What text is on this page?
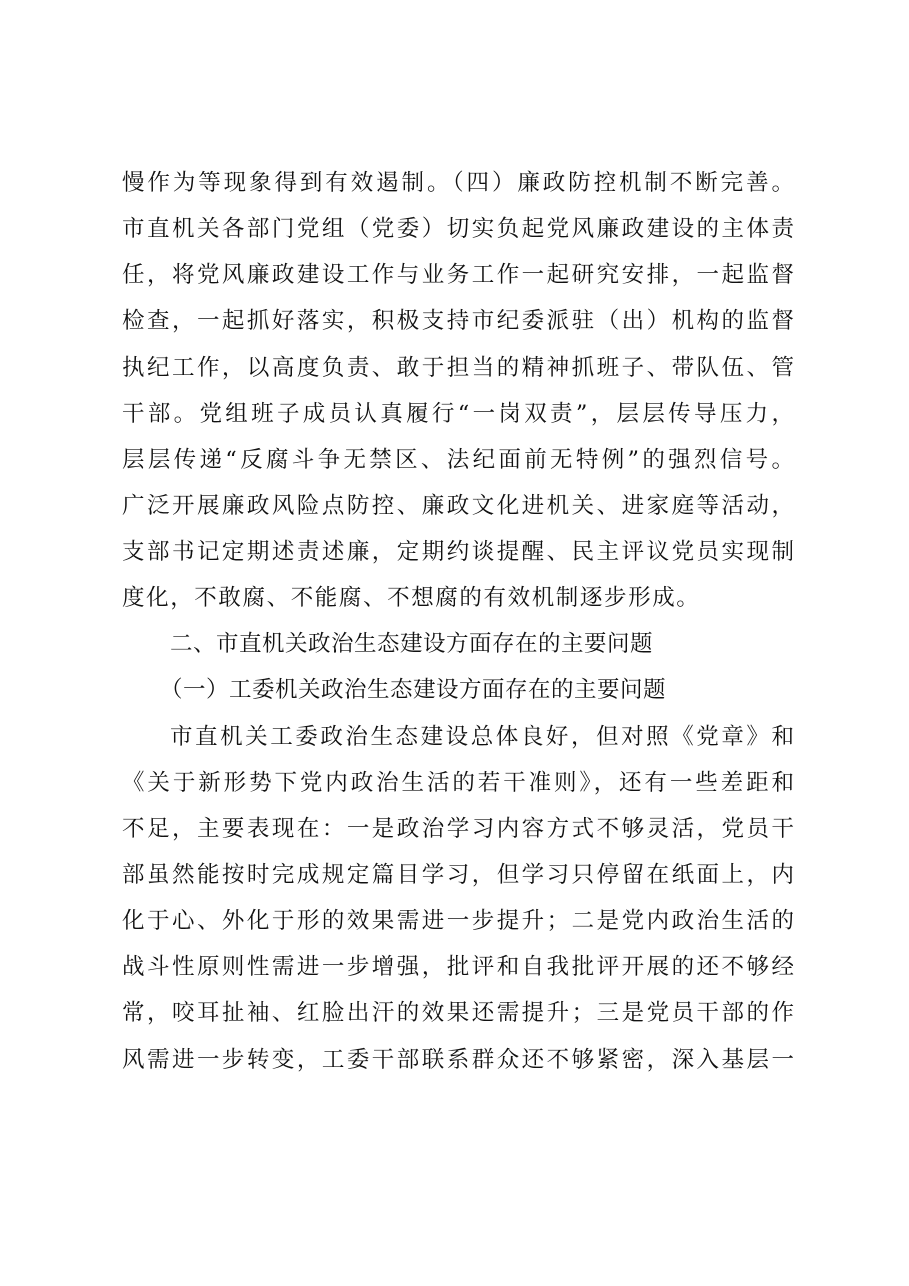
慢作为等现象得到有效遏制。（四）廉政防控机制不断完善。
市直机关各部门党组（党委）切实负起党风廉政建设的主体责
任，将党风廉政建设工作与业务工作一起研究安排，一起监督
检查，一起抓好落实，积极支持市纪委派驻（出）机构的监督
执纪工作，以高度负责、敢于担当的精神抓班子、带队伍、管
干部。党组班子成员认真履行“一岗双责”，层层传导压力，
层层传递“反腐斗争无禁区、法纪面前无特例”的强烈信号。
广泛开展廉政风险点防控、廉政文化进机关、进家庭等活动，
支部书记定期述责述廉，定期约谈提醒、民主评议党员实现制
度化，不敢腐、不能腐、不想腐的有效机制逐步形成。
二、市直机关政治生态建设方面存在的主要问题
（一）工委机关政治生态建设方面存在的主要问题
市直机关工委政治生态建设总体良好，但对照《党章》和
《关于新形势下党内政治生活的若干准则》，还有一些差距和
不足，主要表现在：一是政治学习内容方式不够灵活，党员干
部虽然能按时完成规定篇目学习，但学习只停留在纸面上，内
化于心、外化于形的效果需进一步提升；二是党内政治生活的
战斗性原则性需进一步增强，批评和自我批评开展的还不够经
常，咬耳扯袖、红脸出汗的效果还需提升；三是党员干部的作
风需进一步转变，工委干部联系群众还不够紧密，深入基层一
